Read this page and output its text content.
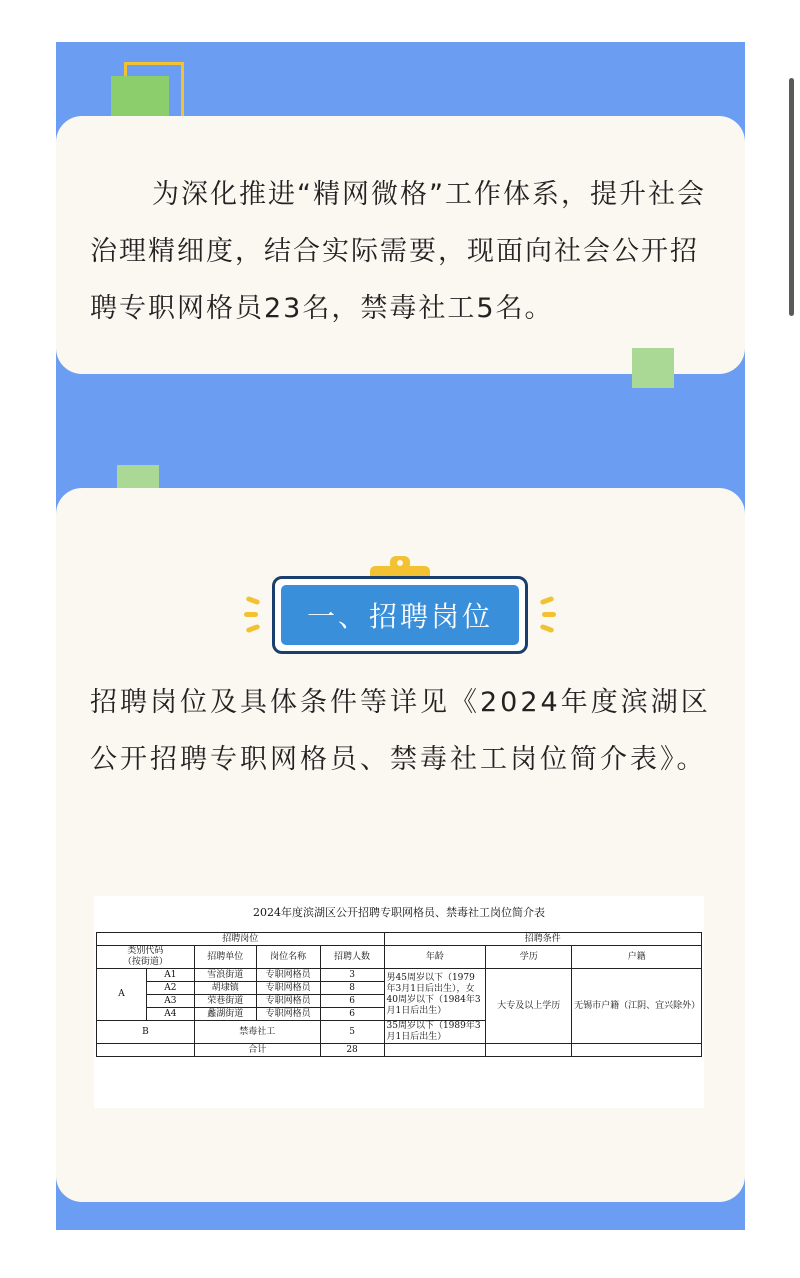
为深化推进“精网微格”工作体系，提升社会治理精细度，结合实际需要，现面向社会公开招聘专职网格员23名，禁毒社工5名。

一、招聘岗位

招聘岗位及具体条件等详见《2024年度滨湖区公开招聘专职网格员、禁毒社工岗位简介表》。

2024年度滨湖区公开招聘专职网格员、禁毒社工岗位简介表
招聘岗位					招聘条件		

类别代码
（按街道）		招聘单位	岗位名称	招聘人数	年龄	学历	户籍
A	A1	雪浪街道	专职网格员	3	男45周岁以下（1979年3月1日后出生），女40周岁以下（1984年3月1日后出生）	大专及以上学历	无锡市户籍（江阴、宜兴除外）
	A2	胡埭镇	专职网格员	8			
	A3	荣巷街道	专职网格员	6			
	A4	蠡湖街道	专职网格员	6			
B		禁毒社工		5	35周岁以下（1989年3月1日后出生）		
		合计		28			
